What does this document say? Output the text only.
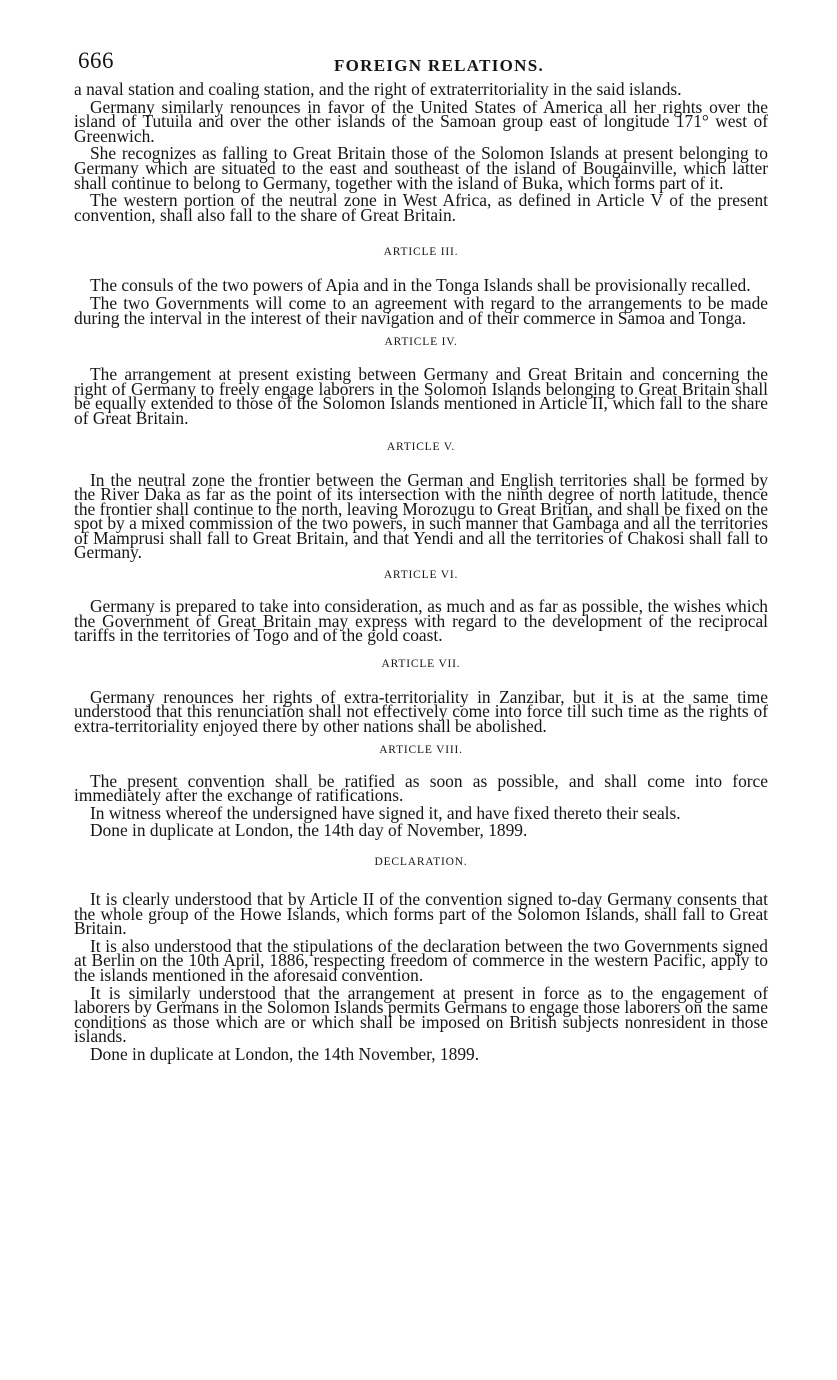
666	FOREIGN RELATIONS.

a naval station and coaling station, and the right of extraterritoriality in the said islands.

Germany similarly renounces in favor of the United States of America all her rights over the island of Tutuila and over the other islands of the Samoan group east of longitude 171° west of Greenwich.

She recognizes as falling to Great Britain those of the Solomon Islands at present belonging to Germany which are situated to the east and southeast of the island of Bougainville, which latter shall continue to belong to Germany, together with the island of Buka, which forms part of it.

The western portion of the neutral zone in West Africa, as defined in Article V of the present convention, shall also fall to the share of Great Britain.

ARTICLE III.

The consuls of the two powers of Apia and in the Tonga Islands shall be provisionally recalled.

The two Governments will come to an agreement with regard to the arrangements to be made during the interval in the interest of their navigation and of their commerce in Samoa and Tonga.

ARTICLE IV.

The arrangement at present existing between Germany and Great Britain and concerning the right of Germany to freely engage laborers in the Solomon Islands belonging to Great Britain shall be equally extended to those of the Solomon Islands mentioned in Article II, which fall to the share of Great Britain.

ARTICLE V.

In the neutral zone the frontier between the German and English territories shall be formed by the River Daka as far as the point of its intersection with the ninth degree of north latitude, thence the frontier shall continue to the north, leaving Morozugu to Great Britian, and shall be fixed on the spot by a mixed commission of the two powers, in such manner that Gambaga and all the territories of Mamprusi shall fall to Great Britain, and that Yendi and all the territories of Chakosi shall fall to Germany.

ARTICLE VI.

Germany is prepared to take into consideration, as much and as far as possible, the wishes which the Government of Great Britain may express with regard to the development of the reciprocal tariffs in the territories of Togo and of the gold coast.

ARTICLE VII.

Germany renounces her rights of extra-territoriality in Zanzibar, but it is at the same time understood that this renunciation shall not effectively come into force till such time as the rights of extra-territoriality enjoyed there by other nations shall be abolished.

ARTICLE VIII.

The present convention shall be ratified as soon as possible, and shall come into force immediately after the exchange of ratifications.

In witness whereof the undersigned have signed it, and have fixed thereto their seals.

Done in duplicate at London, the 14th day of November, 1899.

DECLARATION.

It is clearly understood that by Article II of the convention signed to-day Germany consents that the whole group of the Howe Islands, which forms part of the Solomon Islands, shall fall to Great Britain.

It is also understood that the stipulations of the declaration between the two Governments signed at Berlin on the 10th April, 1886, respecting freedom of commerce in the western Pacific, apply to the islands mentioned in the aforesaid convention.

It is similarly understood that the arrangement at present in force as to the engagement of laborers by Germans in the Solomon Islands permits Germans to engage those laborers on the same conditions as those which are or which shall be imposed on British subjects nonresident in those islands.

Done in duplicate at London, the 14th November, 1899.
